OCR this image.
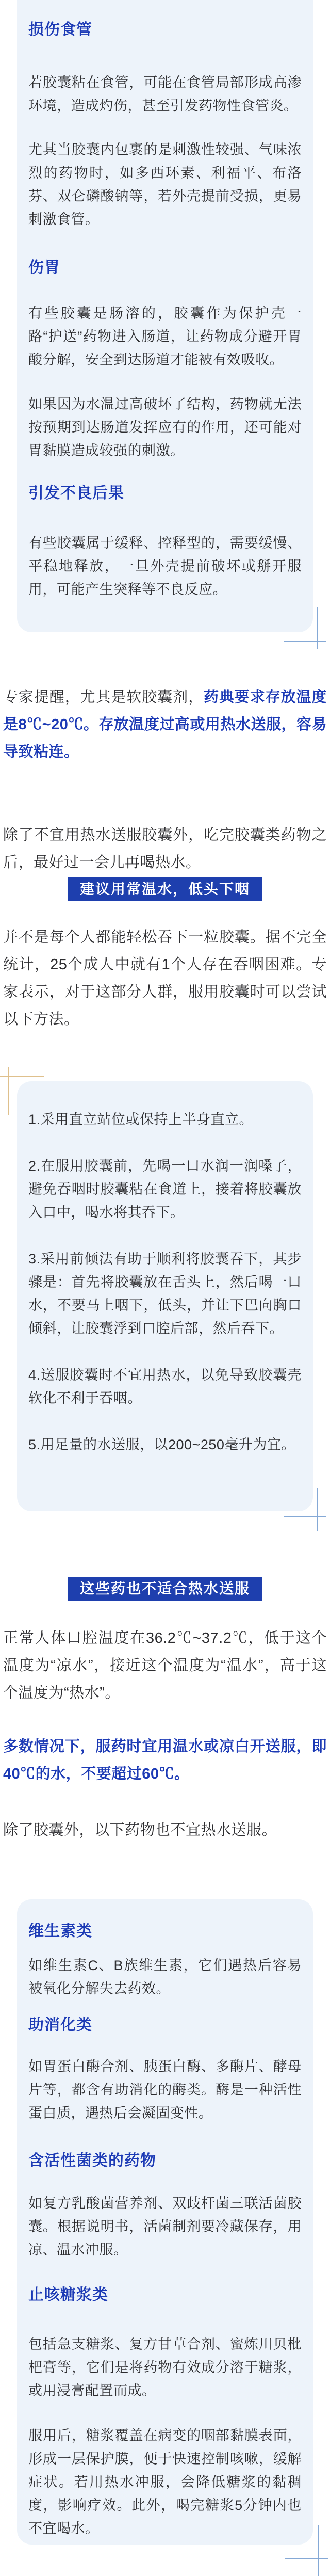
损伤食管

若胶囊粘在食管，可能在食管局部形成高渗环境，造成灼伤，甚至引发药物性食管炎。

尤其当胶囊内包裹的是刺激性较强、气味浓烈的药物时，如多西环素、利福平、布洛芬、双仑磷酸钠等，若外壳提前受损，更易刺激食管。

伤胃

有些胶囊是肠溶的，胶囊作为保护壳一路“护送”药物进入肠道，让药物成分避开胃酸分解，安全到达肠道才能被有效吸收。

如果因为水温过高破坏了结构，药物就无法按预期到达肠道发挥应有的作用，还可能对胃黏膜造成较强的刺激。

引发不良后果

有些胶囊属于缓释、控释型的，需要缓慢、平稳地释放，一旦外壳提前破坏或掰开服用，可能产生突释等不良反应。

专家提醒，尤其是软胶囊剂，药典要求存放温度是8℃~20℃。存放温度过高或用热水送服，容易导致粘连。

除了不宜用热水送服胶囊外，吃完胶囊类药物之后，最好过一会儿再喝热水。

建议用常温水，低头下咽

并不是每个人都能轻松吞下一粒胶囊。据不完全统计，25个成人中就有1个人存在吞咽困难。专家表示，对于这部分人群，服用胶囊时可以尝试以下方法。

1.采用直立站位或保持上半身直立。

2.在服用胶囊前，先喝一口水润一润嗓子，避免吞咽时胶囊粘在食道上，接着将胶囊放入口中，喝水将其吞下。

3.采用前倾法有助于顺利将胶囊吞下，其步骤是：首先将胶囊放在舌头上，然后喝一口水，不要马上咽下，低头，并让下巴向胸口倾斜，让胶囊浮到口腔后部，然后吞下。

4.送服胶囊时不宜用热水，以免导致胶囊壳软化不利于吞咽。

5.用足量的水送服，以200~250毫升为宜。

这些药也不适合热水送服

正常人体口腔温度在36.2℃~37.2℃，低于这个温度为“凉水”，接近这个温度为“温水”，高于这个温度为“热水”。

多数情况下，服药时宜用温水或凉白开送服，即40℃的水，不要超过60℃。

除了胶囊外，以下药物也不宜热水送服。

维生素类

如维生素C、B族维生素，它们遇热后容易被氧化分解失去药效。

助消化类

如胃蛋白酶合剂、胰蛋白酶、多酶片、酵母片等，都含有助消化的酶类。酶是一种活性蛋白质，遇热后会凝固变性。

含活性菌类的药物

如复方乳酸菌营养剂、双歧杆菌三联活菌胶囊。根据说明书，活菌制剂要冷藏保存，用凉、温水冲服。

止咳糖浆类

包括急支糖浆、复方甘草合剂、蜜炼川贝枇杷膏等，它们是将药物有效成分溶于糖浆，或用浸膏配置而成。

服用后，糖浆覆盖在病变的咽部黏膜表面，形成一层保护膜，便于快速控制咳嗽，缓解症状。若用热水冲服，会降低糖浆的黏稠度，影响疗效。此外，喝完糖浆5分钟内也不宜喝水。
